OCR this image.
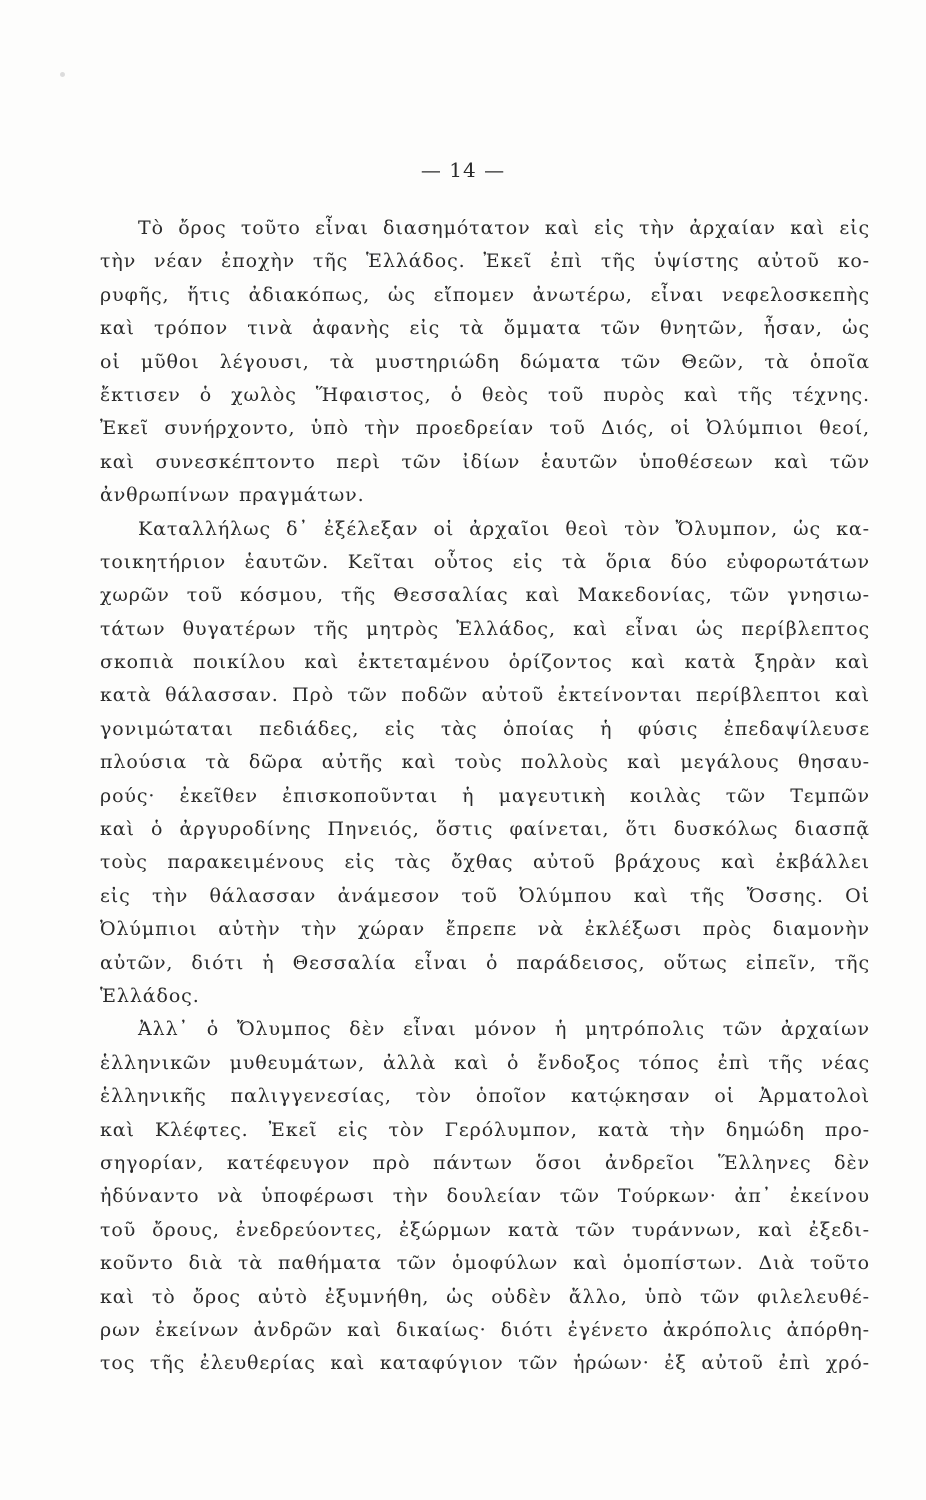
— 14 —
Τὸ ὄρος τοῦτο εἶναι διασημότατον καὶ εἰς τὴν ἀρχαίαν καὶ εἰς
τὴν νέαν ἐποχὴν τῆς Ἑλλάδος. Ἐκεῖ ἐπὶ τῆς ὑψίστης αὐτοῦ κο-
ρυφῆς, ἥτις ἀδιακόπως, ὡς εἴπομεν ἀνωτέρω, εἶναι νεφελοσκεπὴς
καὶ τρόπον τινὰ ἀφανὴς εἰς τὰ ὄμματα τῶν θνητῶν, ἦσαν, ὡς
οἱ μῦθοι λέγουσι, τὰ μυστηριώδη δώματα τῶν Θεῶν, τὰ ὁποῖα
ἔκτισεν ὁ χωλὸς Ἥφαιστος, ὁ θεὸς τοῦ πυρὸς καὶ τῆς τέχνης.
Ἐκεῖ συνήρχοντο, ὑπὸ τὴν προεδρείαν τοῦ Διός, οἱ Ὀλύμπιοι θεοί,
καὶ συνεσκέπτοντο περὶ τῶν ἰδίων ἑαυτῶν ὑποθέσεων καὶ τῶν
ἀνθρωπίνων πραγμάτων.
Καταλλήλως δ᾽ ἐξέλεξαν οἱ ἀρχαῖοι θεοὶ τὸν Ὄλυμπον, ὡς κα-
τοικητήριον ἑαυτῶν. Κεῖται οὗτος εἰς τὰ ὅρια δύο εὐφορωτάτων
χωρῶν τοῦ κόσμου, τῆς Θεσσαλίας καὶ Μακεδονίας, τῶν γνησιω-
τάτων θυγατέρων τῆς μητρὸς Ἑλλάδος, καὶ εἶναι ὡς περίβλεπτος
σκοπιὰ ποικίλου καὶ ἐκτεταμένου ὁρίζοντος καὶ κατὰ ξηρὰν καὶ
κατὰ θάλασσαν. Πρὸ τῶν ποδῶν αὐτοῦ ἐκτείνονται περίβλεπτοι καὶ
γονιμώταται πεδιάδες, εἰς τὰς ὁποίας ἡ φύσις ἐπεδαψίλευσε
πλούσια τὰ δῶρα αὐτῆς καὶ τοὺς πολλοὺς καὶ μεγάλους θησαυ-
ρούς· ἐκεῖθεν ἐπισκοποῦνται ἡ μαγευτικὴ κοιλὰς τῶν Τεμπῶν
καὶ ὁ ἀργυροδίνης Πηνειός, ὅστις φαίνεται, ὅτι δυσκόλως διασπᾷ
τοὺς παρακειμένους εἰς τὰς ὄχθας αὐτοῦ βράχους καὶ ἐκβάλλει
εἰς τὴν θάλασσαν ἀνάμεσον τοῦ Ὀλύμπου καὶ τῆς Ὄσσης. Οἱ
Ὀλύμπιοι αὐτὴν τὴν χώραν ἔπρεπε νὰ ἐκλέξωσι πρὸς διαμονὴν
αὐτῶν, διότι ἡ Θεσσαλία εἶναι ὁ παράδεισος, οὕτως εἰπεῖν, τῆς
Ἑλλάδος.
Ἀλλ᾽ ὁ Ὄλυμπος δὲν εἶναι μόνον ἡ μητρόπολις τῶν ἀρχαίων
ἑλληνικῶν μυθευμάτων, ἀλλὰ καὶ ὁ ἔνδοξος τόπος ἐπὶ τῆς νέας
ἑλληνικῆς παλιγγενεσίας, τὸν ὁποῖον κατῴκησαν οἱ Ἀρματολοὶ
καὶ Κλέφτες. Ἐκεῖ εἰς τὸν Γερόλυμπον, κατὰ τὴν δημώδη προ-
σηγορίαν, κατέφευγον πρὸ πάντων ὅσοι ἀνδρεῖοι Ἕλληνες δὲν
ἠδύναντο νὰ ὑποφέρωσι τὴν δουλείαν τῶν Τούρκων· ἀπ᾽ ἐκείνου
τοῦ ὄρους, ἐνεδρεύοντες, ἐξώρμων κατὰ τῶν τυράννων, καὶ ἐξεδι-
κοῦντο διὰ τὰ παθήματα τῶν ὁμοφύλων καὶ ὁμοπίστων. Διὰ τοῦτο
καὶ τὸ ὄρος αὐτὸ ἐξυμνήθη, ὡς οὐδὲν ἄλλο, ὑπὸ τῶν φιλελευθέ-
ρων ἐκείνων ἀνδρῶν καὶ δικαίως· διότι ἐγένετο ἀκρόπολις ἀπόρθη-
τος τῆς ἐλευθερίας καὶ καταφύγιον τῶν ἡρώων· ἐξ αὐτοῦ ἐπὶ χρό-
